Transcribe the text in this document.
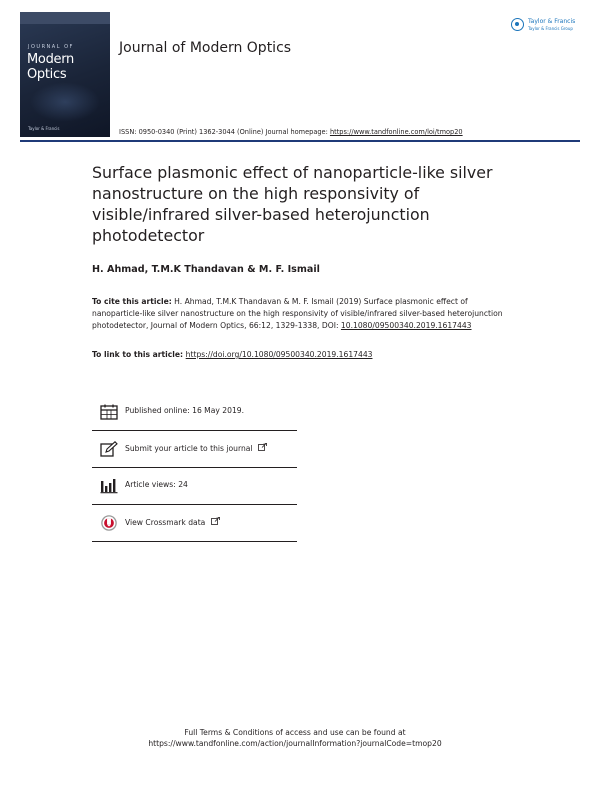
JOURNAL OF
Modern Optics
Taylor & Francis
Journal of Modern Optics
Taylor & Francis
Taylor & Francis Group
ISSN: 0950-0340 (Print) 1362-3044 (Online) Journal homepage: https://www.tandfonline.com/loi/tmop20
Surface plasmonic effect of nanoparticle-like silver nanostructure on the high responsivity of visible/infrared silver-based heterojunction photodetector
H. Ahmad, T.M.K Thandavan & M. F. Ismail
To cite this article: H. Ahmad, T.M.K Thandavan & M. F. Ismail (2019) Surface plasmonic effect of nanoparticle-like silver nanostructure on the high responsivity of visible/infrared silver-based heterojunction photodetector, Journal of Modern Optics, 66:12, 1329-1338, DOI: 10.1080/09500340.2019.1617443
To link to this article: https://doi.org/10.1080/09500340.2019.1617443
Published online: 16 May 2019.
Submit your article to this journal
Article views: 24
View Crossmark data
Full Terms & Conditions of access and use can be found at
https://www.tandfonline.com/action/journalInformation?journalCode=tmop20
